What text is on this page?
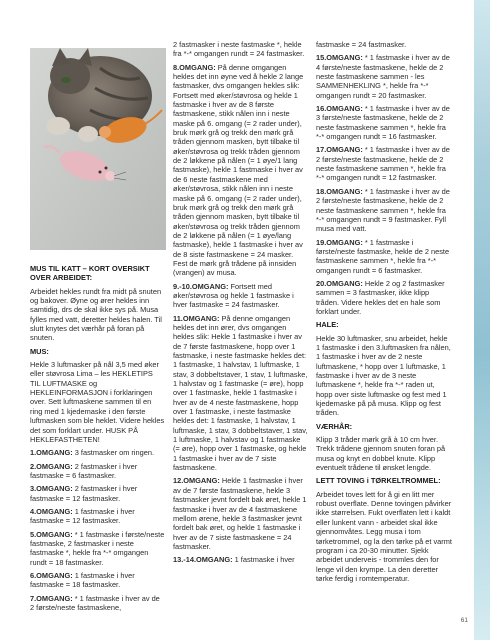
MUS TIL KATT – KORT OVERSIKT OVER ARBEIDET:

Arbeidet hekles rundt fra midt på snuten og bakover. Øyne og ører hekles inn samtidig, drs de skal ikke sys på. Musa fylles med vatt, deretter hekles halen. Til slutt knytes det værhår på foran på snuten.

MUS:

Hekle 3 luftmasker på nål 3,5 med øker eller støvrosa Lima – les HEKLETIPS TIL LUFTMASKE og HEKLEINFORMASJON i forklaringen over. Sett luftmaskene sammen til en ring med 1 kjedemaske i den første luftmasken som ble heklet. Videre hekles det som forklart under. HUSK PÅ HEKLEFASTHETEN!

1.OMGANG: 3 fastmasker om ringen.

2.OMGANG: 2 fastmasker i hver fastmaske = 6 fastmasker.

3.OMGANG: 2 fastmasker i hver fastmaske = 12 fastmasker.

4.OMGANG: 1 fastmaske i hver fastmaske = 12 fastmasker.

5.OMGANG: * 1 fastmaske i første/neste fastmaske, 2 fastmasker i neste fastmaske *, hekle fra *-* omgangen rundt = 18 fastmasker.

6.OMGANG: 1 fastmaske i hver fastmaske = 18 fastmasker.

7.OMGANG: * 1 fastmaske i hver av de 2 første/neste fastmaskene,

2 fastmasker i neste fastmaske *, hekle fra *-* omgangen rundt = 24 fastmasker.

8.OMGANG: På denne omgangen hekles det inn øyne ved å hekle 2 lange fastmasker, dvs omgangen hekles slik: Fortsett med øker/støvrosa og hekle 1 fastmaske i hver av de 8 første fastmaskene, stikk nålen inn i neste maske på 6. omgang (= 2 rader under), bruk mørk grå og trekk den mørk grå tråden gjennom masken, bytt tilbake til øker/støvrosa og trekk tråden gjennom de 2 løkkene på nålen (= 1 øye/1 lang fastmaske), hekle 1 fastmaske i hver av de 6 neste fastmaskene med øker/støvrosa, stikk nålen inn i neste maske på 6. omgang (= 2 rader under), bruk mørk grå og trekk den mørk grå tråden gjennom masken, bytt tilbake til øker/støvrosa og trekk tråden gjennom de 2 løkkene på nålen (= 1 øye/lang fastmaske), hekle 1 fastmaske i hver av de 8 siste fastmaskene = 24 masker. Fest de mørk grå trådene på innsiden (vrangen) av musa.

9.-10.OMGANG: Fortsett med øker/støvrosa og hekle 1 fastmaske i hver fastmaske = 24 fastmasker.

11.OMGANG: På denne omgangen hekles det inn ører, dvs omgangen hekles slik: Hekle 1 fastmaske i hver av de 7 første fastmaskene, hopp over 1 fastmaske, i neste fastmaske hekles det: 1 fastmaske, 1 halvstav, 1 luftmaske, 1 stav, 3 dobbeltstaver, 1 stav, 1 luftmaske, 1 halvstav og 1 fastmaske (= øre), hopp over 1 fastmaske, hekle 1 fastmaske i hver av de 4 neste fastmaskene, hopp over 1 fastmaske, i neste fastmaske hekles det: 1 fastmaske, 1 halvstav, 1 luftmaske, 1 stav, 3 dobbeltstaver, 1 stav, 1 luftmaske, 1 halvstav og 1 fastmaske (= øre), hopp over 1 fastmaske, og hekle 1 fastmaske i hver av de 7 siste fastmaskene.

12.OMGANG: Hekle 1 fastmaske i hver av de 7 første fastmaskene, hekle 3 fastmasker jevnt fordelt bak øret, hekle 1 fastmaske i hver av de 4 fastmaskene mellom ørene, hekle 3 fastmasker jevnt fordelt bak øret, og hekle 1 fastmaske i hver av de 7 siste fastmaskene = 24 fastmasker.

13.-14.OMGANG: 1 fastmaske i hver

fastmaske = 24 fastmasker.

15.OMGANG: * 1 fastmaske i hver av de 4 første/neste fastmaskene, hekle de 2 neste fastmaskene sammen - les SAMMENHEKLING *, hekle fra *-* omgangen rundt = 20 fastmasker.

16.OMGANG: * 1 fastmaske i hver av de 3 første/neste fastmaskene, hekle de 2 neste fastmaskene sammen *, hekle fra *-* omgangen rundt = 16 fastmasker.

17.OMGANG: * 1 fastmaske i hver av de 2 første/neste fastmaskene, hekle de 2 neste fastmaskene sammen *, hekle fra *-* omgangen rundt = 12 fastmasker.

18.OMGANG: * 1 fastmaske i hver av de 2 første/neste fastmaskene, hekle de 2 neste fastmaskene sammen *, hekle fra *-* omgangen rundt = 9 fastmasker. Fyll musa med vatt.

19.OMGANG: * 1 fastmaske i første/neste fastmaske, hekle de 2 neste fastmaskene sammen *, hekle fra *-* omgangen rundt = 6 fastmasker.

20.OMGANG: Hekle 2 og 2 fastmasker sammen = 3 fastmasker, ikke klipp tråden. Videre hekles det en hale som forklart under.

HALE:

Hekle 30 luftmasker, snu arbeidet, hekle 1 fastmaske i den 3.luftmasken fra nålen, 1 fastmaske i hver av de 2 neste luftmaskene, * hopp over 1 luftmaske, 1 fastmaske i hver av de 3 neste luftmaskene *, hekle fra *-* raden ut, hopp over siste luftmaske og fest med 1 kjedemaske på på musa. Klipp og fest tråden.

VÆRHÅR:

Klipp 3 tråder mørk grå à 10 cm hver. Trekk trådene gjennom snuten foran på musa og knyt en dobbel knute. Klipp eventuelt trådene til ønsket lengde.

LETT TOVING i TØRKELTROMMEL:

Arbeidet toves lett for å gi en litt mer robust overflate. Denne tovingen påvirker ikke størrelsen. Fukt overflaten lett i kaldt eller lunkent vann - arbeidet skal ikke gjennomvåtes. Legg musa i tom tørketrommel, og la den tørke på et varmt program i ca 20-30 minutter. Sjekk arbeidet underveis - trommles den for lenge vil den krympe. La den deretter tørke ferdig i romtemperatur.

61
